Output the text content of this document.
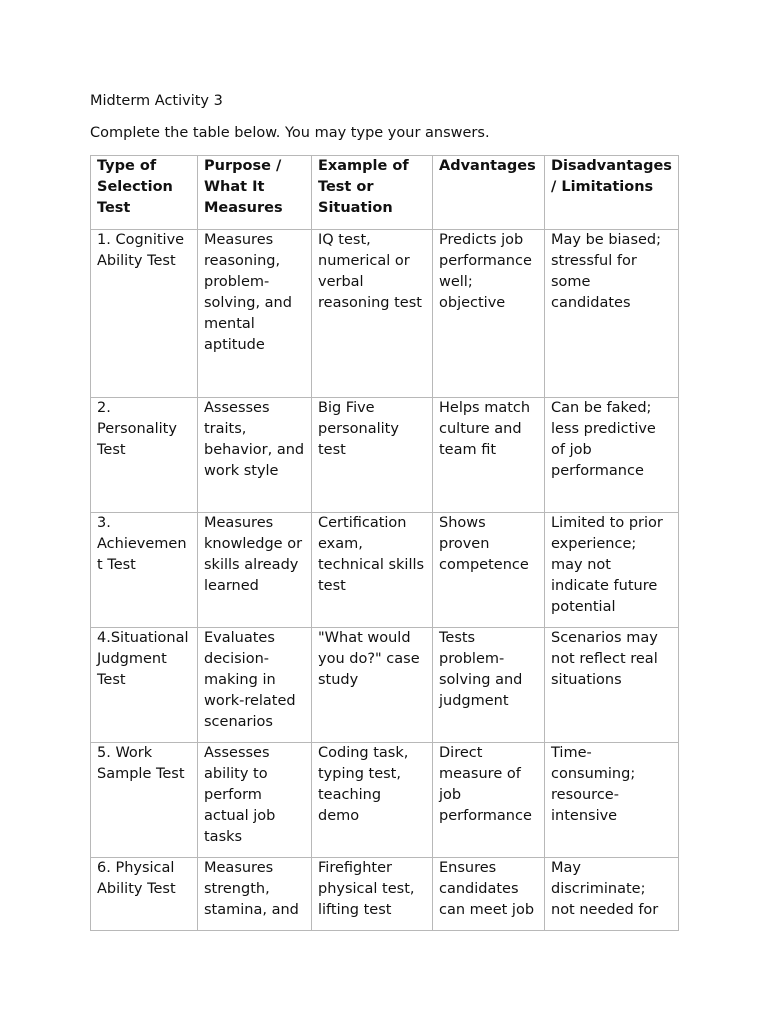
Midterm Activity 3
Complete the table below. You may type your answers.
Type of Selection Test	Purpose / What It Measures	Example of Test or Situation	Advantages	Disadvantages / Limitations

1. Cognitive Ability Test	Measures reasoning, problem-solving, and mental aptitude	IQ test, numerical or verbal reasoning test	Predicts job performance well; objective	May be biased; stressful for some candidates

2. Personality Test	Assesses traits, behavior, and work style	Big Five personality test	Helps match culture and team fit	Can be faked; less predictive of job performance

3. Achievement Test	Measures knowledge or skills already learned	Certification exam, technical skills test	Shows proven competence	Limited to prior experience; may not indicate future potential

4.Situational Judgment Test	Evaluates decision-making in work-related scenarios	"What would you do?" case study	Tests problem-solving and judgment	Scenarios may not reflect real situations

5. Work Sample Test	Assesses ability to perform actual job tasks	Coding task, typing test, teaching demo	Direct measure of job performance	Time-consuming; resource-intensive

6. Physical Ability Test	Measures strength, stamina, and	Firefighter physical test, lifting test	Ensures candidates can meet job	May discriminate; not needed for
